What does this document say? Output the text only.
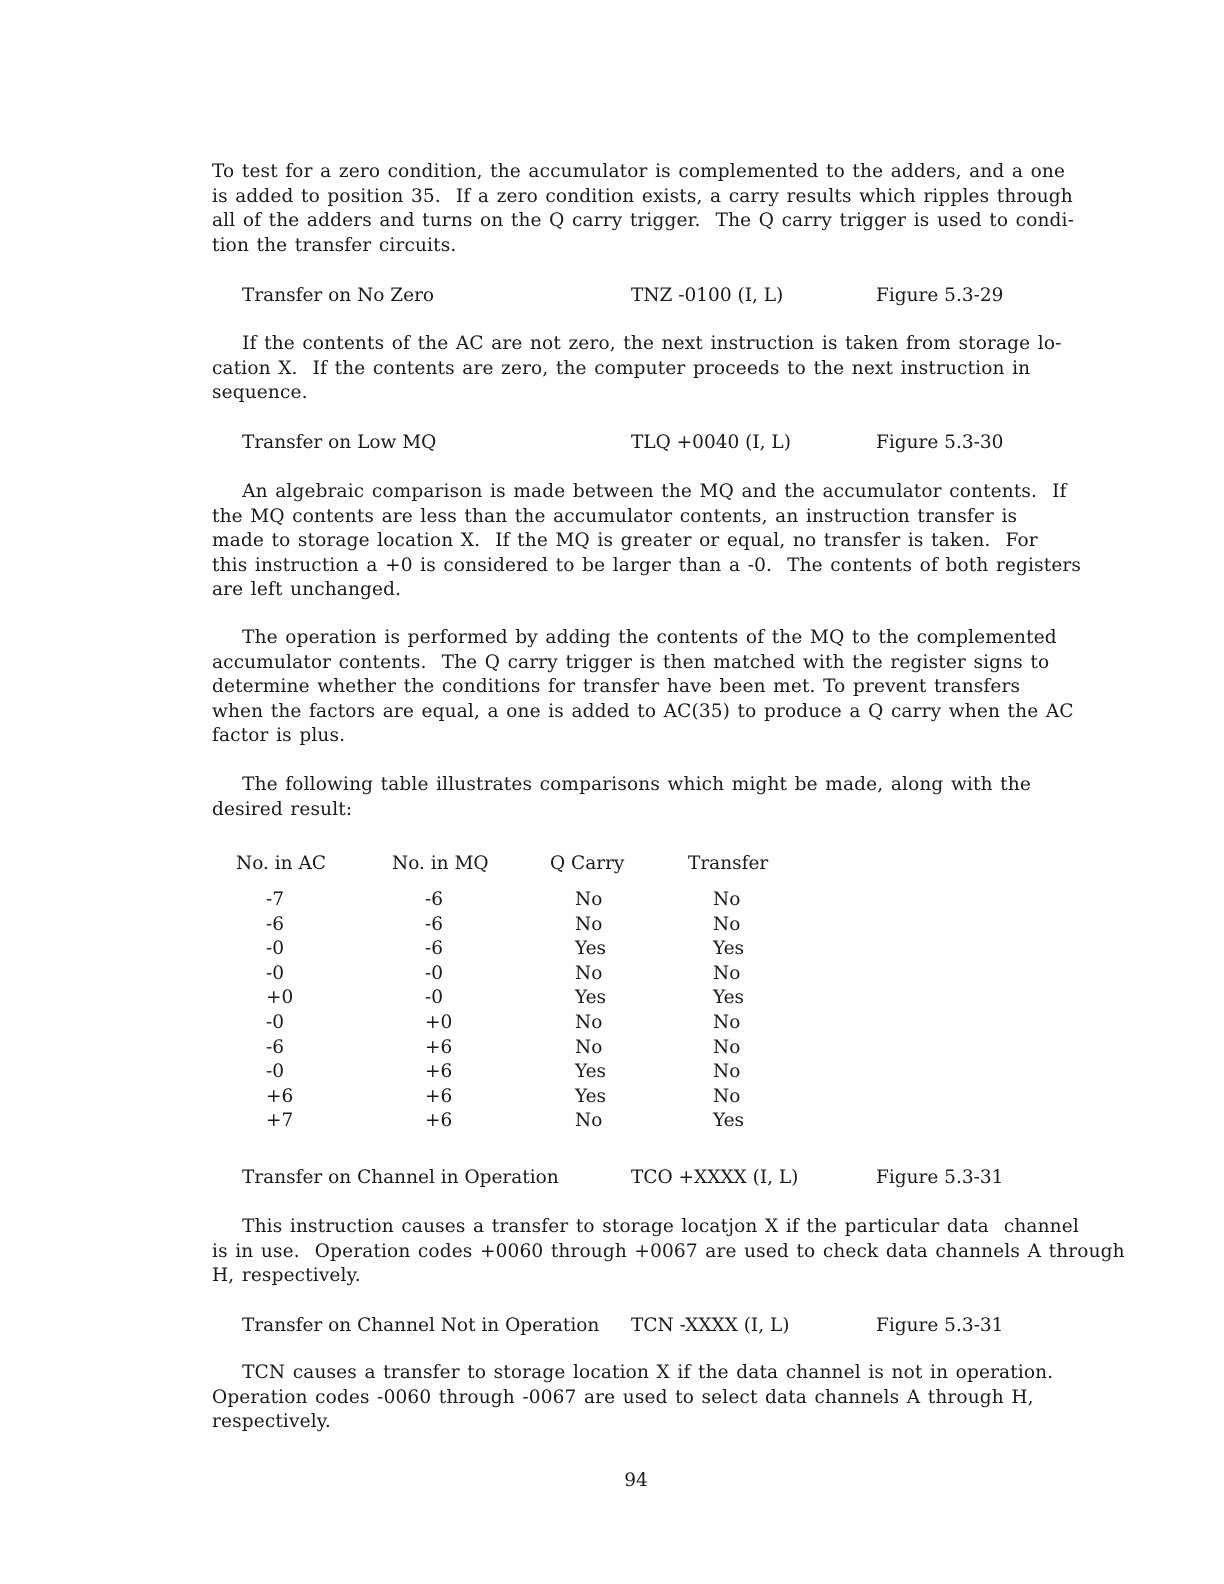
To test for a zero condition, the accumulator is complemented to the adders, and a one
is added to position 35.  If a zero condition exists, a carry results which ripples through
all of the adders and turns on the Q carry trigger.  The Q carry trigger is used to condi-
tion the transfer circuits.
Transfer on No Zero	TNZ -0100 (I, L)	Figure 5.3-29
If the contents of the AC are not zero, the next instruction is taken from storage lo-
cation X.  If the contents are zero, the computer proceeds to the next instruction in
sequence.
Transfer on Low MQ	TLQ +0040 (I, L)	Figure 5.3-30
An algebraic comparison is made between the MQ and the accumulator contents.  If
the MQ contents are less than the accumulator contents, an instruction transfer is
made to storage location X.  If the MQ is greater or equal, no transfer is taken.  For
this instruction a +0 is considered to be larger than a -0.  The contents of both registers
are left unchanged.
The operation is performed by adding the contents of the MQ to the complemented
accumulator contents.  The Q carry trigger is then matched with the register signs to
determine whether the conditions for transfer have been met. To prevent transfers
when the factors are equal, a one is added to AC(35) to produce a Q carry when the AC
factor is plus.
The following table illustrates comparisons which might be made, along with the
desired result:
No. in AC	No. in MQ	Q Carry	Transfer
-7	-6	No	No
-6	-6	No	No
-0	-6	Yes	Yes
-0	-0	No	No
+0	-0	Yes	Yes
-0	+0	No	No
-6	+6	No	No
-0	+6	Yes	No
+6	+6	Yes	No
+7	+6	No	Yes
Transfer on Channel in Operation	TCO +XXXX (I, L)	Figure 5.3-31
This instruction causes a transfer to storage locatjon X if the particular data  channel
is in use.  Operation codes +0060 through +0067 are used to check data channels A through
H, respectively.
Transfer on Channel Not in Operation TCN -XXXX (I, L)	Figure 5.3-31
TCN causes a transfer to storage location X if the data channel is not in operation.
Operation codes -0060 through -0067 are used to select data channels A through H,
respectively.
94
